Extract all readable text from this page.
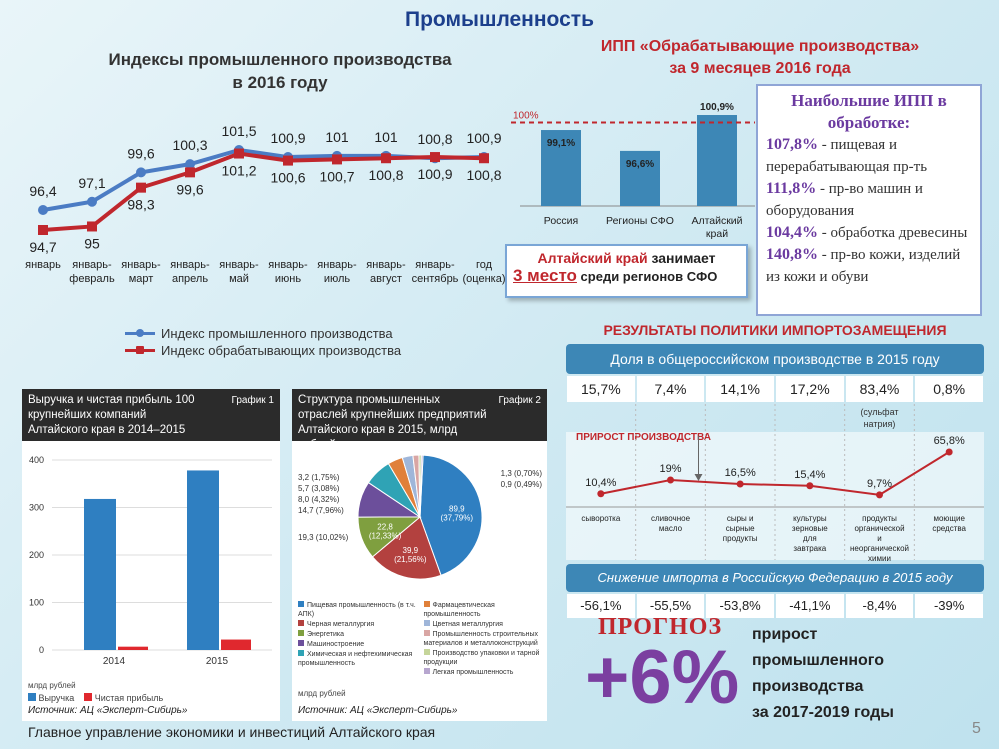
Промышленность
Индексы промышленного производства
в 2016 году
96,4
97,1
99,6
100,3
101,5 100,9 101 101 100,8 100,9
94,7 95
98,3
99,6
101,2 100,6 100,7 100,8 100,9 100,8
январь январь-февраль
январь-март
январь-апрель
январь-май
январь-июнь
январь-июль
январь-август
январь-сентябрь
год (оценка)
Индекс промышленного производства
Индекс обрабатывающих производства
ИПП «Обрабатывающие производства»
за 9 месяцев 2016 года
99,1%
Россия
96,6%
Регионы СФО
100,9%
Алтайский край
100%
Наибольшие ИПП в обработке:
107,8% - пищевая и перерабатывающая пр-ть
111,8% - пр-во машин и оборудования
104,4% - обработка древесины
140,8% - пр-во кожи, изделий из кожи и обуви
Алтайский край занимает
3 место среди регионов СФО
РЕЗУЛЬТАТЫ ПОЛИТИКИ ИМПОРТОЗАМЕЩЕНИЯ
Доля в общероссийском производстве в 2015 году
15,7%	7,4%	14,1%	17,2%	83,4%	0,8%
(сульфат натрия)
ПРИРОСТ ПРОИЗВОДСТВА
10,4%
19%	16,5%	15,4%
9,7%
65,8%
сыворотка	сливочное масло
сыры и сырные продукты
культуры зерновые для завтрака
продукты органической и неорганической химии
моющие средства
Снижение импорта в Российскую Федерацию в 2015 году
-56,1%	-55,5%	-53,8%	-41,1%	-8,4%	-39%
Выручка и чистая прибыль 100 крупнейших компаний Алтайского края в 2014–2015 годах
График 1
0
100
200
300
400
2014	2015
млрд рублей
Выручка	Чистая прибыль
Источник: АЦ «Эксперт-Сибирь»
Структура промышленных отраслей крупнейших предприятий Алтайского края в 2015, млрд рублей
График 2
89,9 (37,79%)
39,9 (21,56%)
22,8 (12,33%)
19,3 (10,02%)
14,7 (7,96%)
8,0 (4,32%)
5,7 (3,08%)
3,2 (1,75%)	1,3 (0,70%)
0,9 (0,49%)
Пищевая промышленность (в т.ч. АПК)
Черная металлургия
Энергетика
Машиностроение
Химическая и нефтехимическая промышленность
Фармацевтическая промышленность
Цветная металлургия
Промышленность строительных материалов и металлоконструкций
Производство упаковки и тарной продукции
Легкая промышленность
млрд рублей
Источник: АЦ «Эксперт-Сибирь»
ПРОГНОЗ
+6%
прирост
промышленного
производства
за 2017-2019 годы
Главное управление экономики и инвестиций Алтайского края	5
